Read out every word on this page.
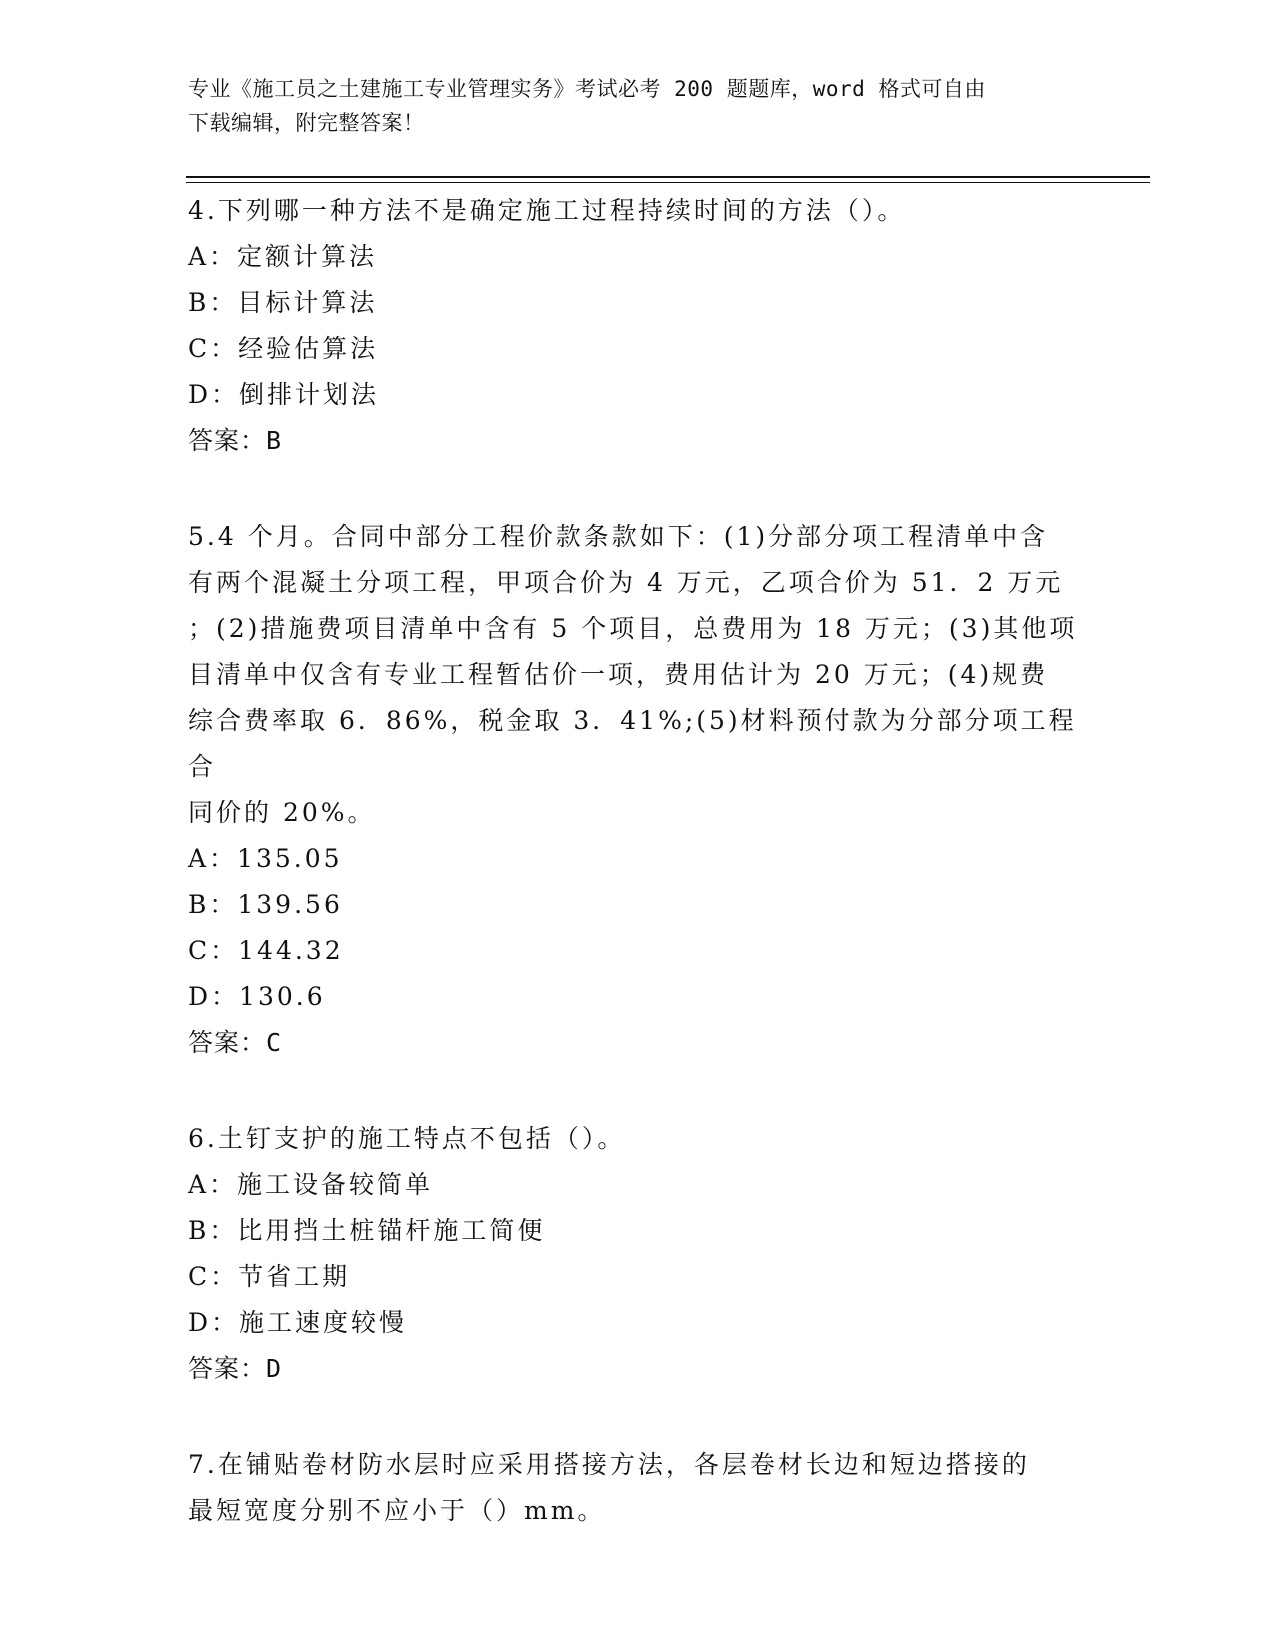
专业《施工员之土建施工专业管理实务》考试必考 200 题题库，word 格式可自由
下载编辑，附完整答案！
4.下列哪一种方法不是确定施工过程持续时间的方法（）。
A：定额计算法
B：目标计算法
C：经验估算法
D：倒排计划法
答案：B
5.4 个月。合同中部分工程价款条款如下：(1)分部分项工程清单中含
有两个混凝土分项工程，甲项合价为 4 万元，乙项合价为 51．2 万元
；(2)措施费项目清单中含有 5 个项目，总费用为 18 万元；(3)其他项
目清单中仅含有专业工程暂估价一项，费用估计为 20 万元；(4)规费
综合费率取 6．86%，税金取 3．41%;(5)材料预付款为分部分项工程合
同价的 20%。
A：135.05
B：139.56
C：144.32
D：130.6
答案：C
6.土钉支护的施工特点不包括（）。
A：施工设备较简单
B：比用挡土桩锚杆施工简便
C：节省工期
D：施工速度较慢
答案：D
7.在铺贴卷材防水层时应采用搭接方法，各层卷材长边和短边搭接的
最短宽度分别不应小于（）mm。
